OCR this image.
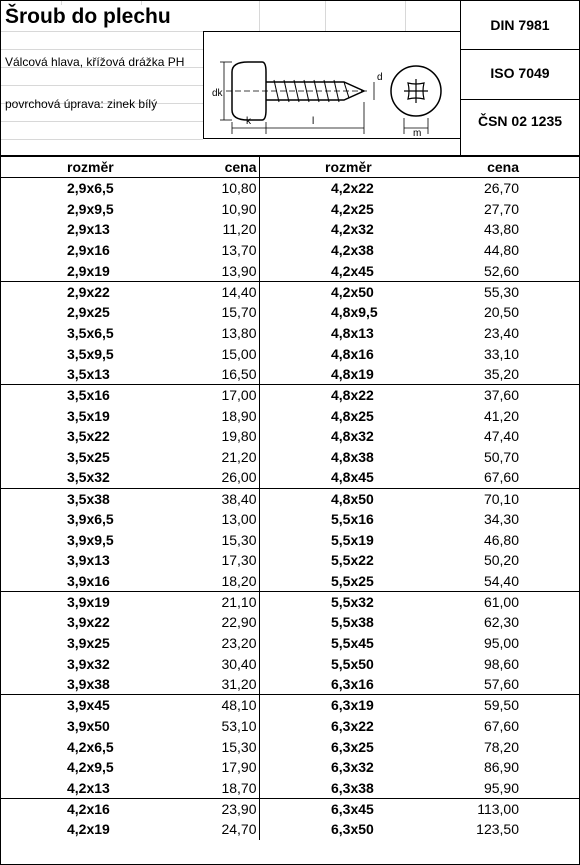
Šroub do plechu
Válcová hlava, křížová drážka PH
povrchová úprava: zinek bílý
dk
d
k	l
m
DIN 7981
ISO 7049
ČSN 02 1235
	rozměr	cena		rozměr	cena	
	2,9x6,5	10,80		4,2x22	26,70	
	2,9x9,5	10,90		4,2x25	27,70	
	2,9x13	11,20		4,2x32	43,80	
	2,9x16	13,70		4,2x38	44,80	
	2,9x19	13,90		4,2x45	52,60	
	2,9x22	14,40		4,2x50	55,30	
	2,9x25	15,70		4,8x9,5	20,50	
	3,5x6,5	13,80		4,8x13	23,40	
	3,5x9,5	15,00		4,8x16	33,10	
	3,5x13	16,50		4,8x19	35,20	
	3,5x16	17,00		4,8x22	37,60	
	3,5x19	18,90		4,8x25	41,20	
	3,5x22	19,80		4,8x32	47,40	
	3,5x25	21,20		4,8x38	50,70	
	3,5x32	26,00		4,8x45	67,60	
	3,5x38	38,40		4,8x50	70,10	
	3,9x6,5	13,00		5,5x16	34,30	
	3,9x9,5	15,30		5,5x19	46,80	
	3,9x13	17,30		5,5x22	50,20	
	3,9x16	18,20		5,5x25	54,40	
	3,9x19	21,10		5,5x32	61,00	
	3,9x22	22,90		5,5x38	62,30	
	3,9x25	23,20		5,5x45	95,00	
	3,9x32	30,40		5,5x50	98,60	
	3,9x38	31,20		6,3x16	57,60	
	3,9x45	48,10		6,3x19	59,50	
	3,9x50	53,10		6,3x22	67,60	
	4,2x6,5	15,30		6,3x25	78,20	
	4,2x9,5	17,90		6,3x32	86,90	
	4,2x13	18,70		6,3x38	95,90	
	4,2x16	23,90		6,3x45	113,00	
	4,2x19	24,70		6,3x50	123,50	
